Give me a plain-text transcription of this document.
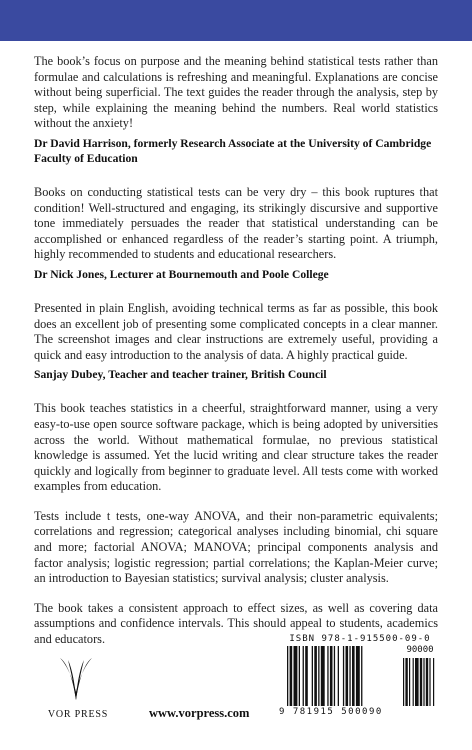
The book’s focus on purpose and the meaning behind statistical tests rather than formulae and calculations is refreshing and meaningful. Explanations are concise without being superficial. The text guides the reader through the analysis, step by step, while explaining the meaning behind the numbers. Real world statistics without the anxiety!

Dr David Harrison, formerly Research Associate at the University of Cambridge Faculty of Education

Books on conducting statistical tests can be very dry – this book ruptures that condition! Well-structured and engaging, its strikingly discursive and supportive tone immediately persuades the reader that statistical understanding can be accomplished or enhanced regardless of the reader’s starting point. A triumph, highly recommended to students and educational researchers.

Dr Nick Jones, Lecturer at Bournemouth and Poole College

Presented in plain English, avoiding technical terms as far as possible, this book does an excellent job of presenting some complicated concepts in a clear manner. The screenshot images and clear instructions are extremely useful, providing a quick and easy introduction to the analysis of data. A highly practical guide.

Sanjay Dubey, Teacher and teacher trainer, British Council

This book teaches statistics in a cheerful, straightforward manner, using a very easy-to-use open source software package, which is being adopted by universities across the world. Without mathematical formulae, no previous statistical knowledge is assumed. Yet the lucid writing and clear structure takes the reader quickly and logically from beginner to graduate level. All tests come with worked examples from education.

Tests include t tests, one-way ANOVA, and their non-parametric equivalents; correlations and regression; categorical analyses including binomial, chi square and more; factorial ANOVA; MANOVA; principal components analysis and factor analysis; logistic regression; partial correlations; the Kaplan-Meier curve; an introduction to Bayesian statistics; survival analysis; cluster analysis.

The book takes a consistent approach to effect sizes, as well as covering data assumptions and confidence intervals. This should appeal to students, academics and educators.

VOR PRESS	www.vorpress.com
ISBN 978-1-915500-09-0
90000
9 781915 500090
